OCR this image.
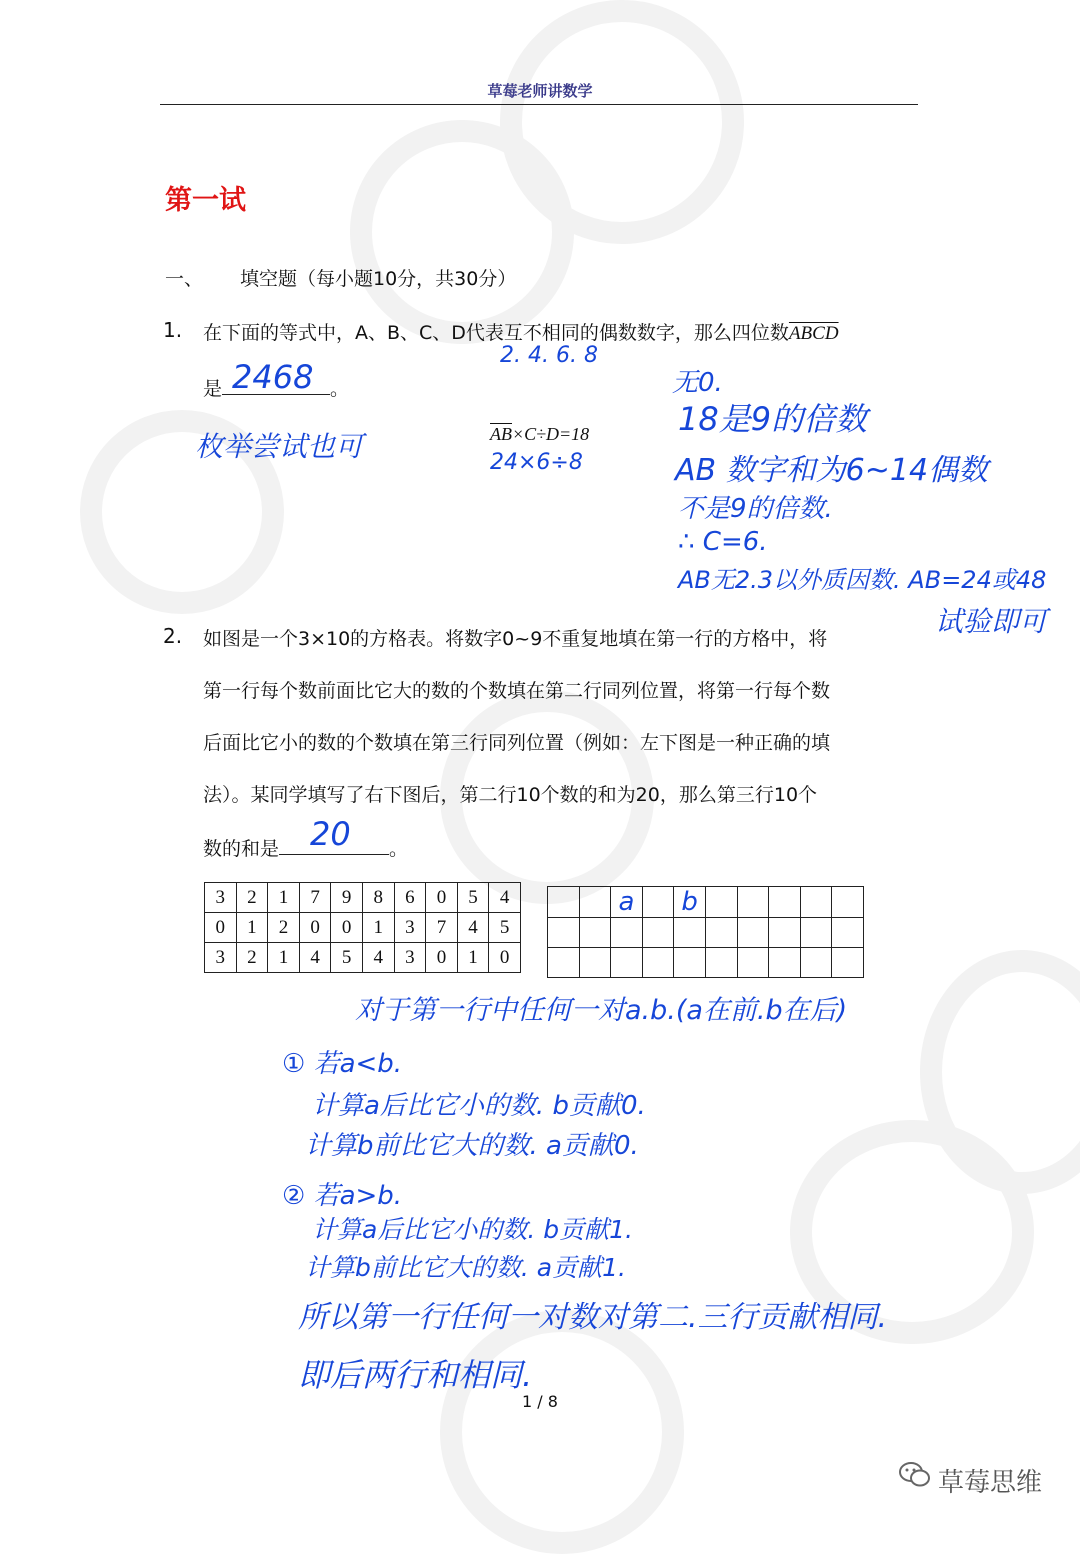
草莓老师讲数学
第一试
一、 填空题（每小题10分，共30分）
1. 在下面的等式中，A、B、C、D代表互不相同的偶数数字，那么四位数ABCD
是	。
2468
2. 4. 6. 8
枚举尝试也可	$\overline{AB}\times C\div D=18$
24×6÷8
无0.
18是9的倍数
AB 数字和为6~14偶数
不是9的倍数.
∴ C=6.
AB无2.3以外质因数. AB=24或48
试验即可
2. 如图是一个3×10的方格表。将数字0~9不重复地填在第一行的方格中，将
第一行每个数前面比它大的数的个数填在第二行同列位置，将第一行每个数
后面比它小的数的个数填在第三行同列位置（例如：左下图是一种正确的填
法）。某同学填写了右下图后，第二行10个数的和为20，那么第三行10个
数的和是	。
20
3	2	1	7	9	8	6	0	5	4
0	1	2	0	0	1	3	7	4	5
3	2	1	4	5	4	3	0	1	0
		a		b					

对于第一行中任何一对a.b.(a在前.b在后)
① 若a<b.
计算a后比它小的数. b贡献0.
计算b前比它大的数. a贡献0.
② 若a>b.
计算a后比它小的数. b贡献1.
计算b前比它大的数. a贡献1.
所以第一行任何一对数对第二.三行贡献相同.
即后两行和相同.
1 / 8
草莓思维
